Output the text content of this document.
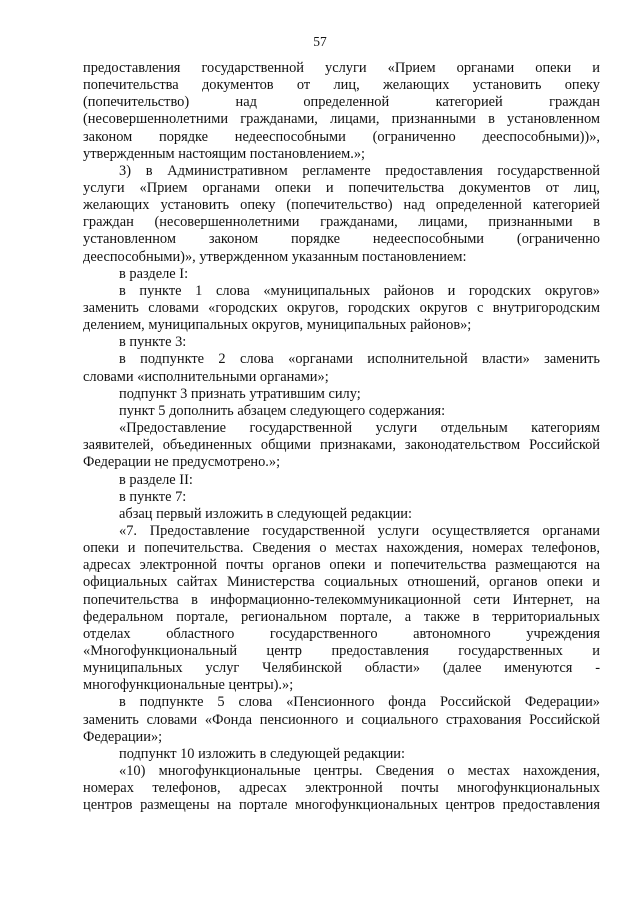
57
предоставления государственной услуги «Прием органами опеки и
попечительства документов от лиц, желающих установить опеку
(попечительство) над определенной категорией граждан
(несовершеннолетними гражданами, лицами, признанными в установленном
законом порядке недееспособными (ограниченно дееспособными))»,
утвержденным настоящим постановлением.»;
3) в Административном регламенте предоставления государственной
услуги «Прием органами опеки и попечительства документов от лиц,
желающих установить опеку (попечительство) над определенной категорией
граждан (несовершеннолетними гражданами, лицами, признанными в
установленном законом порядке недееспособными (ограниченно
дееспособными)», утвержденном указанным постановлением:
в разделе I:
в пункте 1 слова «муниципальных районов и городских округов»
заменить словами «городских округов, городских округов с внутригородским
делением, муниципальных округов, муниципальных районов»;
в пункте 3:
в подпункте 2 слова «органами исполнительной власти» заменить
словами «исполнительными органами»;
подпункт 3 признать утратившим силу;
пункт 5 дополнить абзацем следующего содержания:
«Предоставление государственной услуги отдельным категориям
заявителей, объединенных общими признаками, законодательством Российской
Федерации не предусмотрено.»;
в разделе II:
в пункте 7:
абзац первый изложить в следующей редакции:
«7. Предоставление государственной услуги осуществляется органами
опеки и попечительства. Сведения о местах нахождения, номерах телефонов,
адресах электронной почты органов опеки и попечительства размещаются на
официальных сайтах Министерства социальных отношений, органов опеки и
попечительства в информационно-телекоммуникационной сети Интернет, на
федеральном портале, региональном портале, а также в территориальных
отделах областного государственного автономного учреждения
«Многофункциональный центр предоставления государственных и
муниципальных услуг Челябинской области» (далее именуются -
многофункциональные центры).»;
в подпункте 5 слова «Пенсионного фонда Российской Федерации»
заменить словами «Фонда пенсионного и социального страхования Российской
Федерации»;
подпункт 10 изложить в следующей редакции:
«10) многофункциональные центры. Сведения о местах нахождения,
номерах телефонов, адресах электронной почты многофункциональных
центров размещены на портале многофункциональных центров предоставления
